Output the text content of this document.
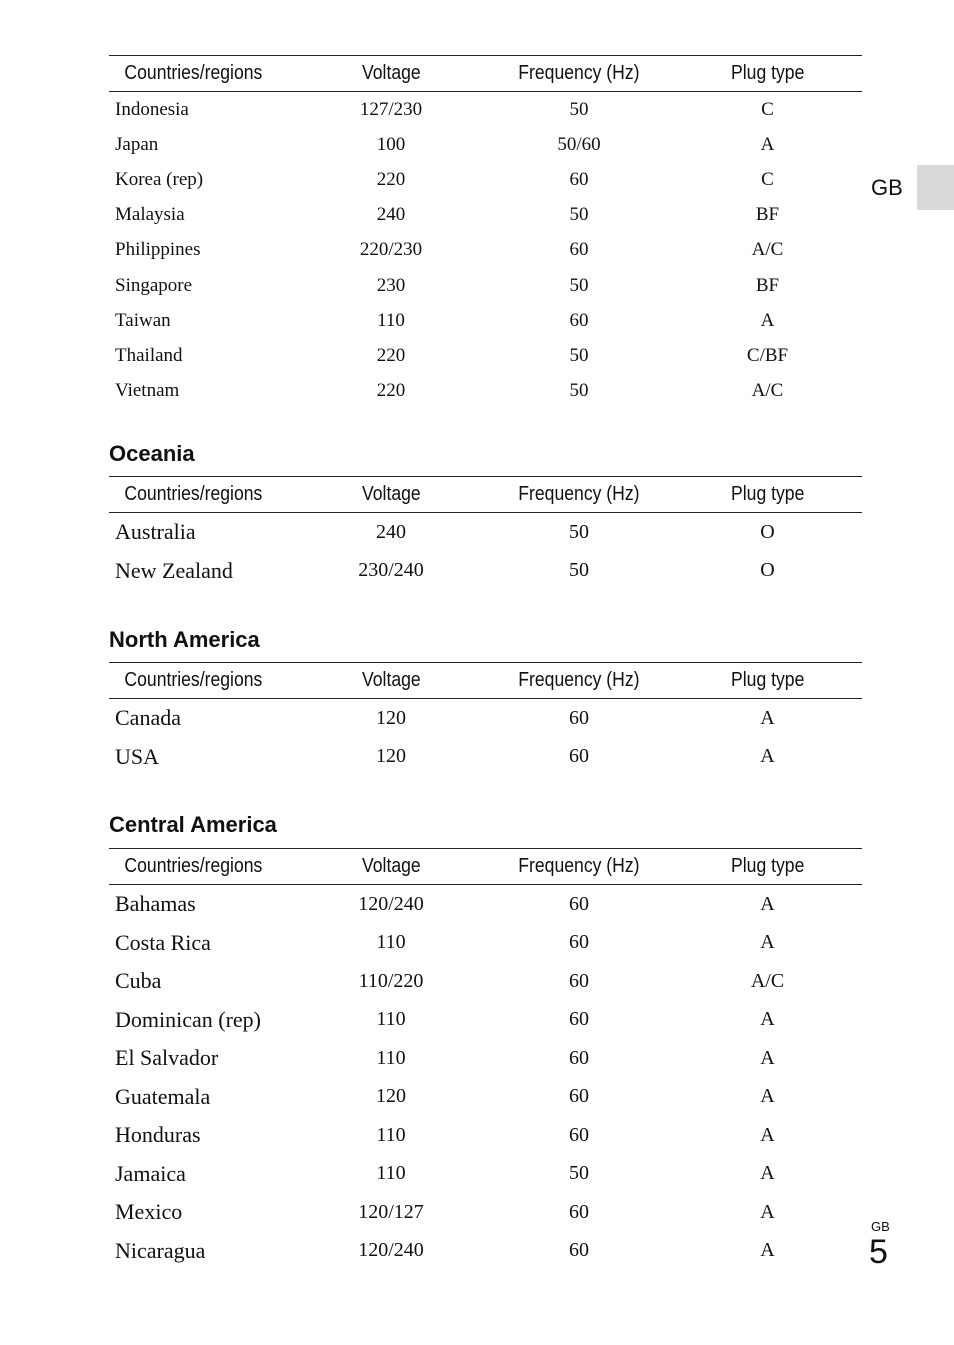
GB
Countries/regions	Voltage	Frequency (Hz)	Plug type
Indonesia	127/230	50	C
Japan	100	50/60	A
Korea (rep)	220	60	C
Malaysia	240	50	BF
Philippines	220/230	60	A/C
Singapore	230	50	BF
Taiwan	110	60	A
Thailand	220	50	C/BF
Vietnam	220	50	A/C
Oceania
Countries/regions	Voltage	Frequency (Hz)	Plug type
Australia	240	50	O
New Zealand	230/240	50	O
North America
Countries/regions	Voltage	Frequency (Hz)	Plug type
Canada	120	60	A
USA	120	60	A
Central America
Countries/regions	Voltage	Frequency (Hz)	Plug type
Bahamas	120/240	60	A
Costa Rica	110	60	A
Cuba	110/220	60	A/C
Dominican (rep)	110	60	A
El Salvador	110	60	A
Guatemala	120	60	A
Honduras	110	60	A
Jamaica	110	50	A
Mexico	120/127	60	A
Nicaragua	120/240	60	A
GB
5
